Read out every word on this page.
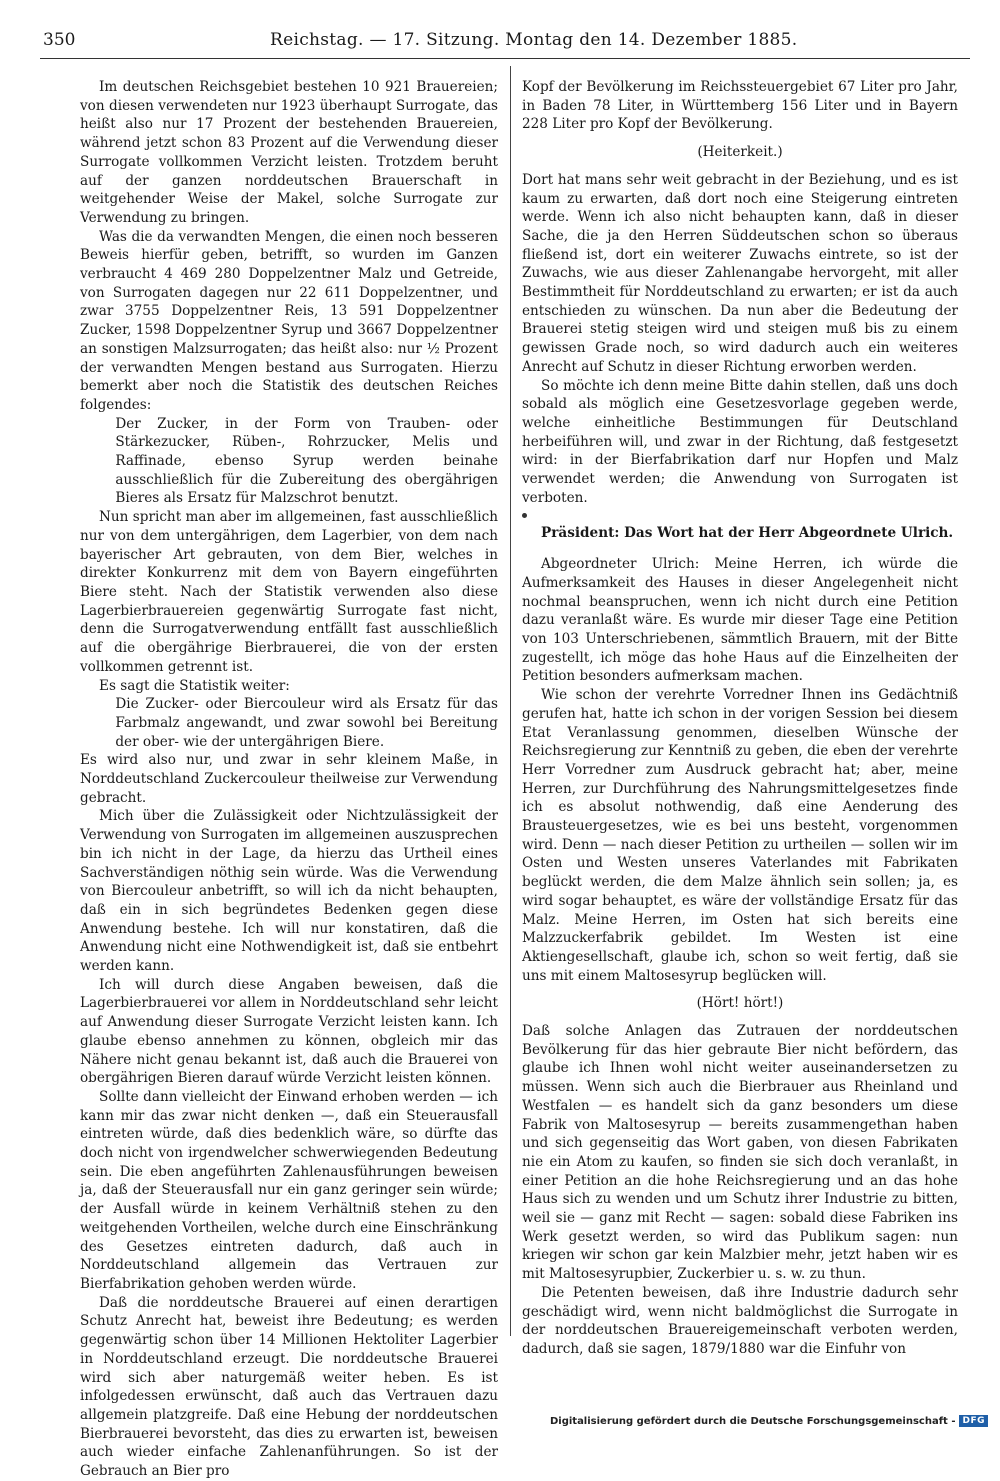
350	Reichstag. — 17. Sitzung. Montag den 14. Dezember 1885.

Im deutschen Reichsgebiet bestehen 10 921 Brauereien; von diesen verwendeten nur 1923 überhaupt Surrogate, das heißt also nur 17 Prozent der bestehenden Brauereien, während jetzt schon 83 Prozent auf die Verwendung dieser Surrogate vollkommen Verzicht leisten. Trotzdem beruht auf der ganzen norddeutschen Brauerschaft in weitgehender Weise der Makel, solche Surrogate zur Verwendung zu bringen.

Was die da verwandten Mengen, die einen noch besseren Beweis hierfür geben, betrifft, so wurden im Ganzen verbraucht 4 469 280 Doppelzentner Malz und Getreide, von Surrogaten dagegen nur 22 611 Doppelzentner, und zwar 3755 Doppelzentner Reis, 13 591 Doppelzentner Zucker, 1598 Doppelzentner Syrup und 3667 Doppelzentner an sonstigen Malzsurrogaten; das heißt also: nur ½ Prozent der verwandten Mengen bestand aus Surrogaten. Hierzu bemerkt aber noch die Statistik des deutschen Reiches folgendes:

Der Zucker, in der Form von Trauben- oder Stärkezucker, Rüben-, Rohrzucker, Melis und Raffinade, ebenso Syrup werden beinahe ausschließlich für die Zubereitung des obergährigen Bieres als Ersatz für Malzschrot benutzt.

Nun spricht man aber im allgemeinen, fast ausschließlich nur von dem untergährigen, dem Lagerbier, von dem nach bayerischer Art gebrauten, von dem Bier, welches in direkter Konkurrenz mit dem von Bayern eingeführten Biere steht. Nach der Statistik verwenden also diese Lagerbierbrauereien gegenwärtig Surrogate fast nicht, denn die Surrogatverwendung entfällt fast ausschließlich auf die obergährige Bierbrauerei, die von der ersten vollkommen getrennt ist.

Es sagt die Statistik weiter:

Die Zucker- oder Biercouleur wird als Ersatz für das Farbmalz angewandt, und zwar sowohl bei Bereitung der ober- wie der untergährigen Biere.

Es wird also nur, und zwar in sehr kleinem Maße, in Norddeutschland Zuckercouleur theilweise zur Verwendung gebracht.

Mich über die Zulässigkeit oder Nichtzulässigkeit der Verwendung von Surrogaten im allgemeinen auszusprechen bin ich nicht in der Lage, da hierzu das Urtheil eines Sachverständigen nöthig sein würde. Was die Verwendung von Biercouleur anbetrifft, so will ich da nicht behaupten, daß ein in sich begründetes Bedenken gegen diese Anwendung bestehe. Ich will nur konstatiren, daß die Anwendung nicht eine Nothwendigkeit ist, daß sie entbehrt werden kann.

Ich will durch diese Angaben beweisen, daß die Lagerbierbrauerei vor allem in Norddeutschland sehr leicht auf Anwendung dieser Surrogate Verzicht leisten kann. Ich glaube ebenso annehmen zu können, obgleich mir das Nähere nicht genau bekannt ist, daß auch die Brauerei von obergährigen Bieren darauf würde Verzicht leisten können.

Sollte dann vielleicht der Einwand erhoben werden — ich kann mir das zwar nicht denken —, daß ein Steuerausfall eintreten würde, daß dies bedenklich wäre, so dürfte das doch nicht von irgendwelcher schwerwiegenden Bedeutung sein. Die eben angeführten Zahlenausführungen beweisen ja, daß der Steuerausfall nur ein ganz geringer sein würde; der Ausfall würde in keinem Verhältniß stehen zu den weitgehenden Vortheilen, welche durch eine Einschränkung des Gesetzes eintreten dadurch, daß auch in Norddeutschland allgemein das Vertrauen zur Bierfabrikation gehoben werden würde.

Daß die norddeutsche Brauerei auf einen derartigen Schutz Anrecht hat, beweist ihre Bedeutung; es werden gegenwärtig schon über 14 Millionen Hektoliter Lagerbier in Norddeutschland erzeugt. Die norddeutsche Brauerei wird sich aber naturgemäß weiter heben. Es ist infolgedessen erwünscht, daß auch das Vertrauen dazu allgemein platzgreife. Daß eine Hebung der norddeutschen Bierbrauerei bevorsteht, das dies zu erwarten ist, beweisen auch wieder einfache Zahlenanführungen. So ist der Gebrauch an Bier pro

Kopf der Bevölkerung im Reichssteuergebiet 67 Liter pro Jahr, in Baden 78 Liter, in Württemberg 156 Liter und in Bayern 228 Liter pro Kopf der Bevölkerung.

(Heiterkeit.)

Dort hat mans sehr weit gebracht in der Beziehung, und es ist kaum zu erwarten, daß dort noch eine Steigerung eintreten werde. Wenn ich also nicht behaupten kann, daß in dieser Sache, die ja den Herren Süddeutschen schon so überaus fließend ist, dort ein weiterer Zuwachs eintrete, so ist der Zuwachs, wie aus dieser Zahlenangabe hervorgeht, mit aller Bestimmtheit für Norddeutschland zu erwarten; er ist da auch entschieden zu wünschen. Da nun aber die Bedeutung der Brauerei stetig steigen wird und steigen muß bis zu einem gewissen Grade noch, so wird dadurch auch ein weiteres Anrecht auf Schutz in dieser Richtung erworben werden.

So möchte ich denn meine Bitte dahin stellen, daß uns doch sobald als möglich eine Gesetzesvorlage gegeben werde, welche einheitliche Bestimmungen für Deutschland herbeiführen will, und zwar in der Richtung, daß festgesetzt wird: in der Bierfabrikation darf nur Hopfen und Malz verwendet werden; die Anwendung von Surrogaten ist verboten.

Präsident: Das Wort hat der Herr Abgeordnete Ulrich.

Abgeordneter Ulrich: Meine Herren, ich würde die Aufmerksamkeit des Hauses in dieser Angelegenheit nicht nochmal beanspruchen, wenn ich nicht durch eine Petition dazu veranlaßt wäre. Es wurde mir dieser Tage eine Petition von 103 Unterschriebenen, sämmtlich Brauern, mit der Bitte zugestellt, ich möge das hohe Haus auf die Einzelheiten der Petition besonders aufmerksam machen.

Wie schon der verehrte Vorredner Ihnen ins Gedächtniß gerufen hat, hatte ich schon in der vorigen Session bei diesem Etat Veranlassung genommen, dieselben Wünsche der Reichsregierung zur Kenntniß zu geben, die eben der verehrte Herr Vorredner zum Ausdruck gebracht hat; aber, meine Herren, zur Durchführung des Nahrungsmittelgesetzes finde ich es absolut nothwendig, daß eine Aenderung des Brausteuergesetzes, wie es bei uns besteht, vorgenommen wird. Denn — nach dieser Petition zu urtheilen — sollen wir im Osten und Westen unseres Vaterlandes mit Fabrikaten beglückt werden, die dem Malze ähnlich sein sollen; ja, es wird sogar behauptet, es wäre der vollständige Ersatz für das Malz. Meine Herren, im Osten hat sich bereits eine Malzzuckerfabrik gebildet. Im Westen ist eine Aktiengesellschaft, glaube ich, schon so weit fertig, daß sie uns mit einem Maltosesyrup beglücken will.

(Hört! hört!)

Daß solche Anlagen das Zutrauen der norddeutschen Bevölkerung für das hier gebraute Bier nicht befördern, das glaube ich Ihnen wohl nicht weiter auseinandersetzen zu müssen. Wenn sich auch die Bierbrauer aus Rheinland und Westfalen — es handelt sich da ganz besonders um diese Fabrik von Maltosesyrup — bereits zusammengethan haben und sich gegenseitig das Wort gaben, von diesen Fabrikaten nie ein Atom zu kaufen, so finden sie sich doch veranlaßt, in einer Petition an die hohe Reichsregierung und an das hohe Haus sich zu wenden und um Schutz ihrer Industrie zu bitten, weil sie — ganz mit Recht — sagen: sobald diese Fabriken ins Werk gesetzt werden, so wird das Publikum sagen: nun kriegen wir schon gar kein Malzbier mehr, jetzt haben wir es mit Maltosesyrupbier, Zuckerbier u. s. w. zu thun.

Die Petenten beweisen, daß ihre Industrie dadurch sehr geschädigt wird, wenn nicht baldmöglichst die Surrogate in der norddeutschen Brauereigemeinschaft verboten werden, dadurch, daß sie sagen, 1879/1880 war die Einfuhr von

Digitalisierung gefördert durch die Deutsche Forschungsgemeinschaft - DFG
